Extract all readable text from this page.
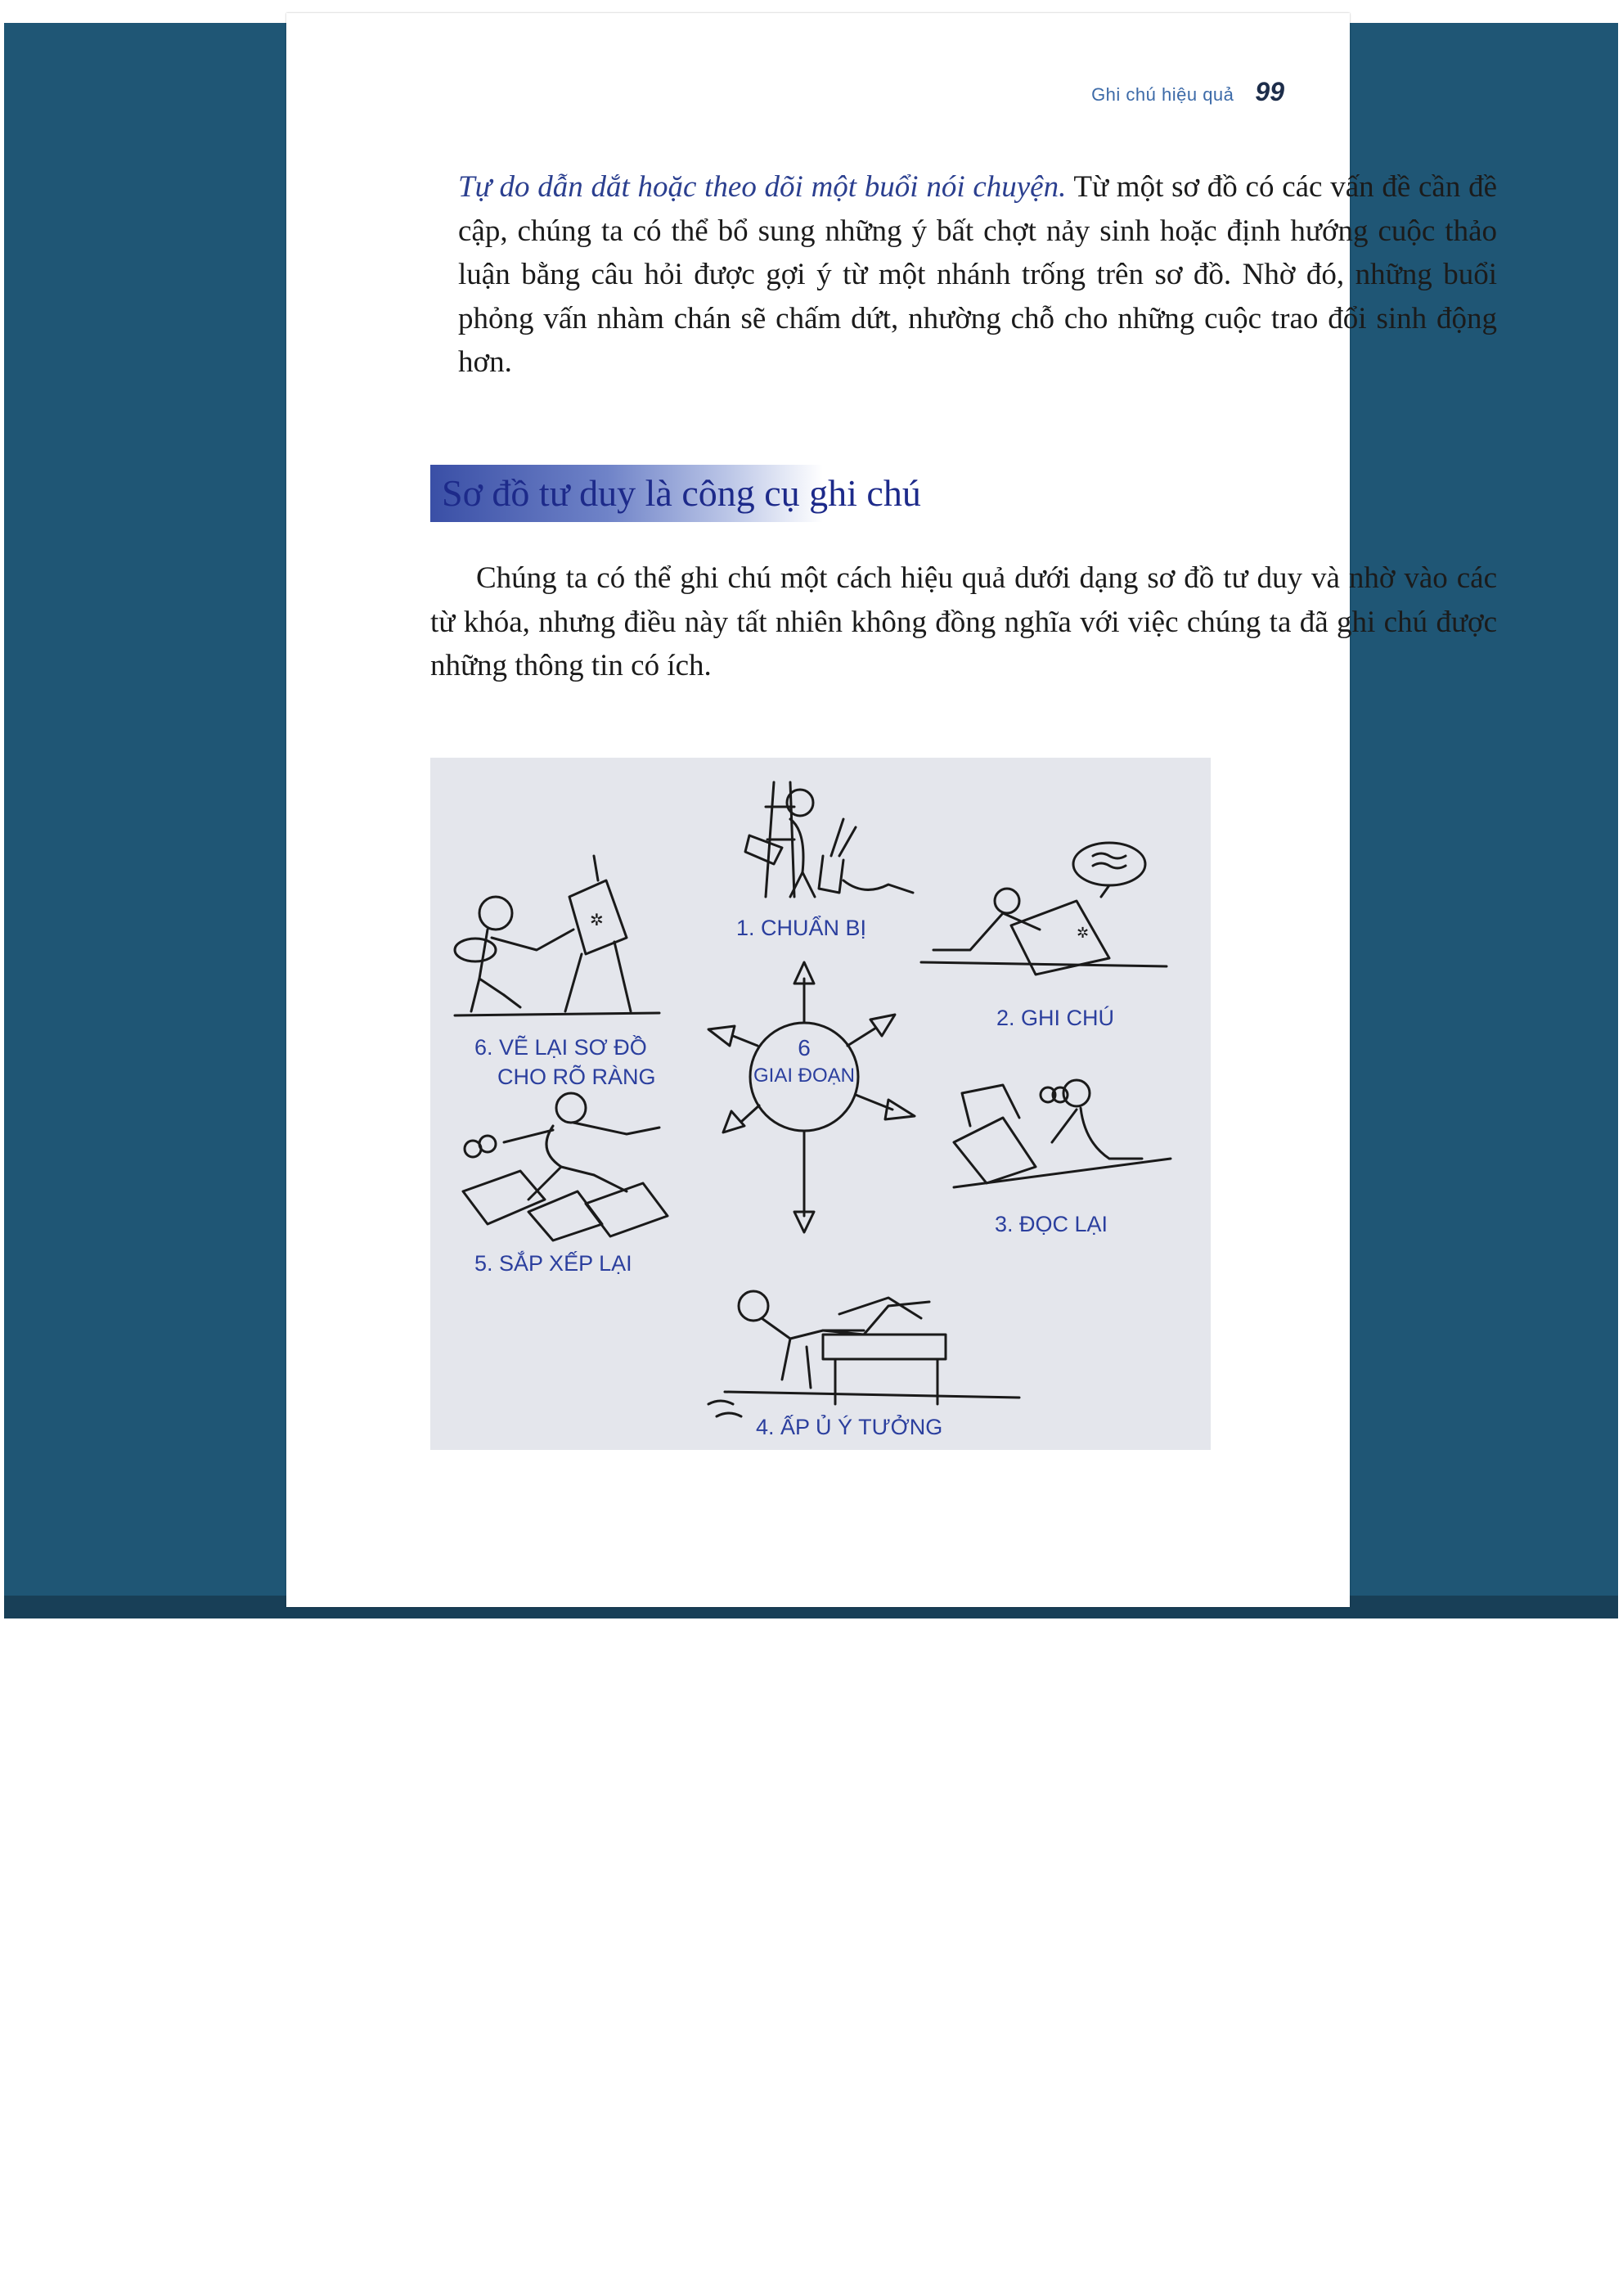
Ghi chú hiệu quả 99
Tự do dẫn dắt hoặc theo dõi một buổi nói chuyện. Từ một sơ đồ có các vấn đề cần đề cập, chúng ta có thể bổ sung những ý bất chợt nảy sinh hoặc định hướng cuộc thảo luận bằng câu hỏi được gợi ý từ một nhánh trống trên sơ đồ. Nhờ đó, những buổi phỏng vấn nhàm chán sẽ chấm dứt, nhường chỗ cho những cuộc trao đổi sinh động hơn.
Sơ đồ tư duy là công cụ ghi chú
Chúng ta có thể ghi chú một cách hiệu quả dưới dạng sơ đồ tư duy và nhờ vào các từ khóa, nhưng điều này tất nhiên không đồng nghĩa với việc chúng ta đã ghi chú được những thông tin có ích.
✲
✲
6
GIAI ĐOẠN
1. CHUẨN BỊ
2. GHI CHÚ
3. ĐỌC LẠI
4. ẤP Ủ Ý TƯỞNG
5. SẮP XẾP LẠI
6. VẼ LẠI SƠ ĐỒ
CHO RÕ RÀNG
